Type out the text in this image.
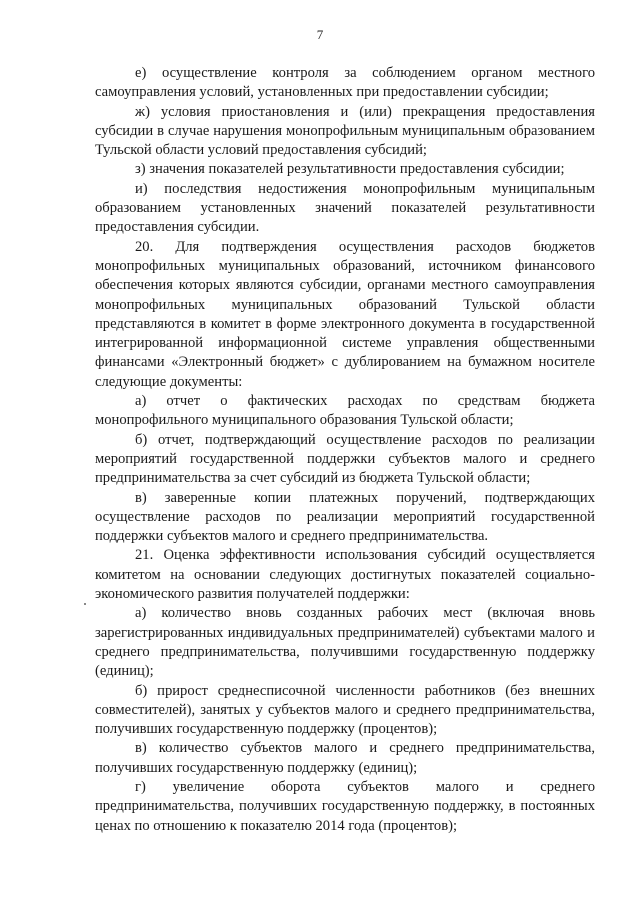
7

е) осуществление контроля за соблюдением органом местного самоуправления условий, установленных при предоставлении субсидии;

ж) условия приостановления и (или) прекращения предоставления субсидии в случае нарушения монопрофильным муниципальным образованием Тульской области условий предоставления субсидий;

з) значения показателей результативности предоставления субсидии;

и) последствия недостижения монопрофильным муниципальным образованием установленных значений показателей результативности предоставления субсидии.

20. Для подтверждения осуществления расходов бюджетов монопрофильных муниципальных образований, источником финансового обеспечения которых являются субсидии, органами местного самоуправления монопрофильных муниципальных образований Тульской области представляются в комитет в форме электронного документа в государственной интегрированной информационной системе управления общественными финансами «Электронный бюджет» с дублированием на бумажном носителе следующие документы:

а) отчет о фактических расходах по средствам бюджета монопрофильного муниципального образования Тульской области;

б) отчет, подтверждающий осуществление расходов по реализации мероприятий государственной поддержки субъектов малого и среднего предпринимательства за счет субсидий из бюджета Тульской области;

в) заверенные копии платежных поручений, подтверждающих осуществление расходов по реализации мероприятий государственной поддержки субъектов малого и среднего предпринимательства.

21. Оценка эффективности использования субсидий осуществляется комитетом на основании следующих достигнутых показателей социально-экономического развития получателей поддержки:

а) количество вновь созданных рабочих мест (включая вновь зарегистрированных индивидуальных предпринимателей) субъектами малого и среднего предпринимательства, получившими государственную поддержку (единиц);

б) прирост среднесписочной численности работников (без внешних совместителей), занятых у субъектов малого и среднего предпринимательства, получивших государственную поддержку (процентов);

в) количество субъектов малого и среднего предпринимательства, получивших государственную поддержку (единиц);

г) увеличение оборота субъектов малого и среднего предпринимательства, получивших государственную поддержку, в постоянных ценах по отношению к показателю 2014 года (процентов);
